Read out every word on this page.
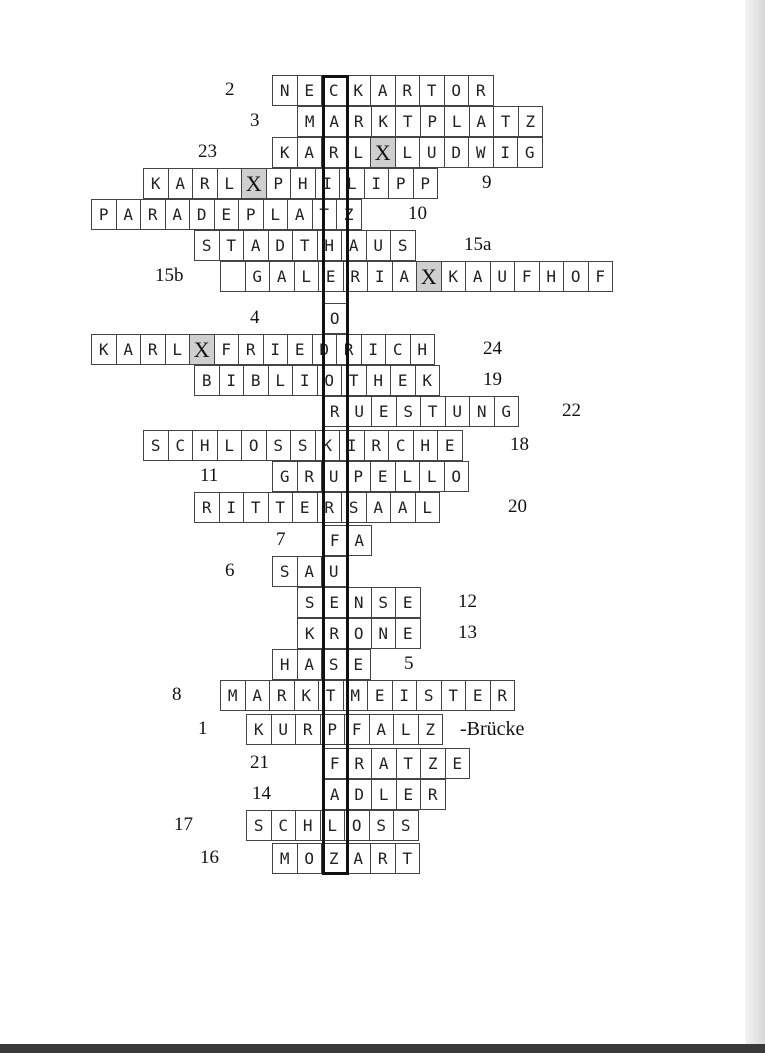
N E C K A R T O R
2
M A R K T P L A T Z
3
K A R L X L U D W I G
23
K A R L X P H I L I P P	9
P A R A D E P L A T Z	10
S T A D T H A U S	15a
G A L E R I A X K A U F H O F
15b
O
4
K A R L X F R I E D R I C H	24
B I B L I O T H E K	19
R U E S T U N G	22
S C H L O S S K I R C H E	18
G R U P E L L O
11
R I T T E R S A A L	20
F A
7
S A U
6
S E N S E	12
K R O N E	13
H A S E	5
M A R K T M E I S T E R
8
K U R P F A L Z
1
F R A T Z E
21
A D L E R
14
S C H L O S S
17
M O Z A R T
16
-Brücke
